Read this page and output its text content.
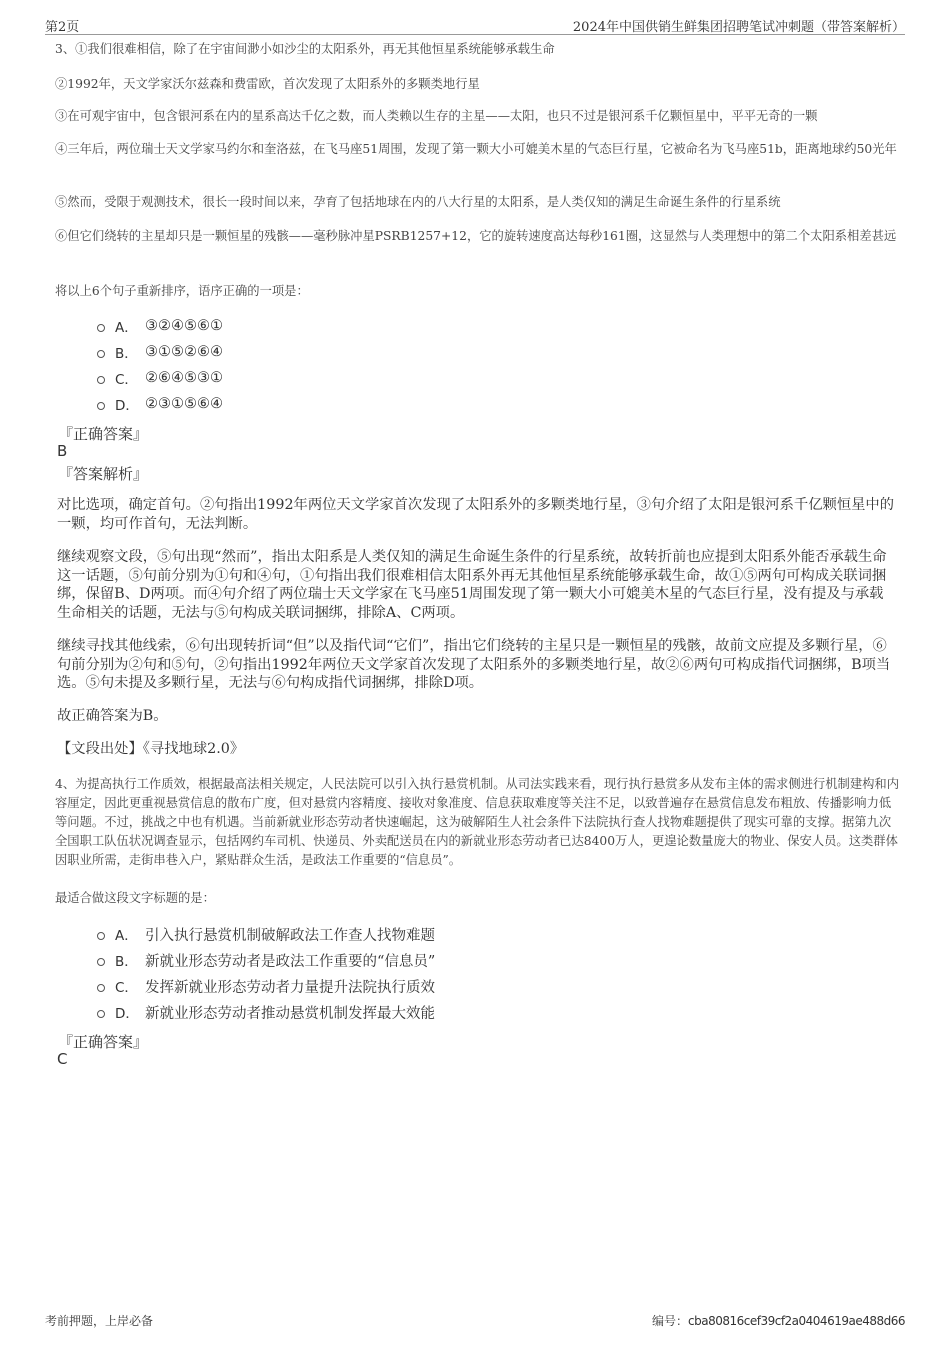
第2页	2024年中国供销生鲜集团招聘笔试冲刺题（带答案解析）

3、①我们很难相信，除了在宇宙间渺小如沙尘的太阳系外，再无其他恒星系统能够承载生命

②1992年，天文学家沃尔兹森和费雷欧，首次发现了太阳系外的多颗类地行星

③在可观宇宙中，包含银河系在内的星系高达千亿之数，而人类赖以生存的主星——太阳，也只不过是银河系千亿颗恒星中，平平无奇的一颗

④三年后，两位瑞士天文学家马约尔和奎洛兹，在飞马座51周围，发现了第一颗大小可媲美木星的气态巨行星，它被命名为飞马座51b，距离地球约50光年

⑤然而，受限于观测技术，很长一段时间以来，孕育了包括地球在内的八大行星的太阳系，是人类仅知的满足生命诞生条件的行星系统

⑥但它们绕转的主星却只是一颗恒星的残骸——毫秒脉冲星PSRB1257+12，它的旋转速度高达每秒161圈，这显然与人类理想中的第二个太阳系相差甚远

将以上6个句子重新排序，语序正确的一项是：

A． ③②④⑤⑥①
B． ③①⑤②⑥④
C． ②⑥④⑤③①
D． ②③①⑤⑥④
『正确答案』
B
『答案解析』

对比选项，确定首句。②句指出1992年两位天文学家首次发现了太阳系外的多颗类地行星，③句介绍了太阳是银河系千亿颗恒星中的一颗，均可作首句，无法判断。

继续观察文段，⑤句出现“然而”，指出太阳系是人类仅知的满足生命诞生条件的行星系统，故转折前也应提到太阳系外能否承载生命这一话题，⑤句前分别为①句和④句，①句指出我们很难相信太阳系外再无其他恒星系统能够承载生命，故①⑤两句可构成关联词捆绑，保留B、D两项。而④句介绍了两位瑞士天文学家在飞马座51周围发现了第一颗大小可媲美木星的气态巨行星，没有提及与承载生命相关的话题，无法与⑤句构成关联词捆绑，排除A、C两项。

继续寻找其他线索，⑥句出现转折词“但”以及指代词“它们”，指出它们绕转的主星只是一颗恒星的残骸，故前文应提及多颗行星，⑥句前分别为②句和⑤句，②句指出1992年两位天文学家首次发现了太阳系外的多颗类地行星，故②⑥两句可构成指代词捆绑，B项当选。⑤句未提及多颗行星，无法与⑥句构成指代词捆绑，排除D项。

故正确答案为B。

【文段出处】《寻找地球2.0》

4、为提高执行工作质效，根据最高法相关规定，人民法院可以引入执行悬赏机制。从司法实践来看，现行执行悬赏多从发布主体的需求侧进行机制建构和内容厘定，因此更重视悬赏信息的散布广度，但对悬赏内容精度、接收对象准度、信息获取难度等关注不足，以致普遍存在悬赏信息发布粗放、传播影响力低等问题。不过，挑战之中也有机遇。当前新就业形态劳动者快速崛起，这为破解陌生人社会条件下法院执行查人找物难题提供了现实可靠的支撑。据第九次全国职工队伍状况调查显示，包括网约车司机、快递员、外卖配送员在内的新就业形态劳动者已达8400万人，更遑论数量庞大的物业、保安人员。这类群体因职业所需，走街串巷入户，紧贴群众生活，是政法工作重要的“信息员”。

最适合做这段文字标题的是：

A． 引入执行悬赏机制破解政法工作查人找物难题
B． 新就业形态劳动者是政法工作重要的“信息员”
C． 发挥新就业形态劳动者力量提升法院执行质效
D． 新就业形态劳动者推动悬赏机制发挥最大效能
『正确答案』
C
考前押题，上岸必备	编号：cba80816cef39cf2a0404619ae488d66
